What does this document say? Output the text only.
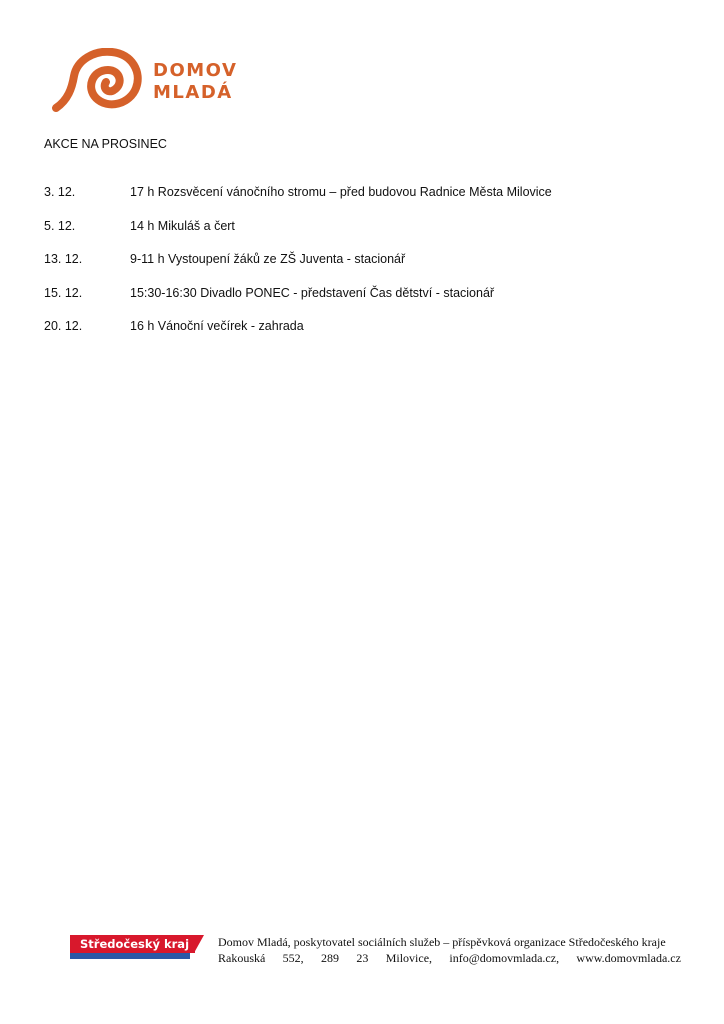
DOMOV
MLADÁ
AKCE NA PROSINEC
3. 12.	17 h Rozsvěcení vánočního stromu – před budovou Radnice Města Milovice
5. 12.	14 h Mikuláš a čert
13. 12.	9-11 h Vystoupení žáků ze ZŠ Juventa - stacionář
15. 12.	15:30-16:30 Divadlo PONEC - představení Čas dětství - stacionář
20. 12.	16 h Vánoční večírek - zahrada
Středočeský kraj	Domov Mladá, poskytovatel sociálních služeb – příspěvková organizace Středočeského kraje
Rakouská 552, 289 23 Milovice, info@domovmlada.cz, www.domovmlada.cz
